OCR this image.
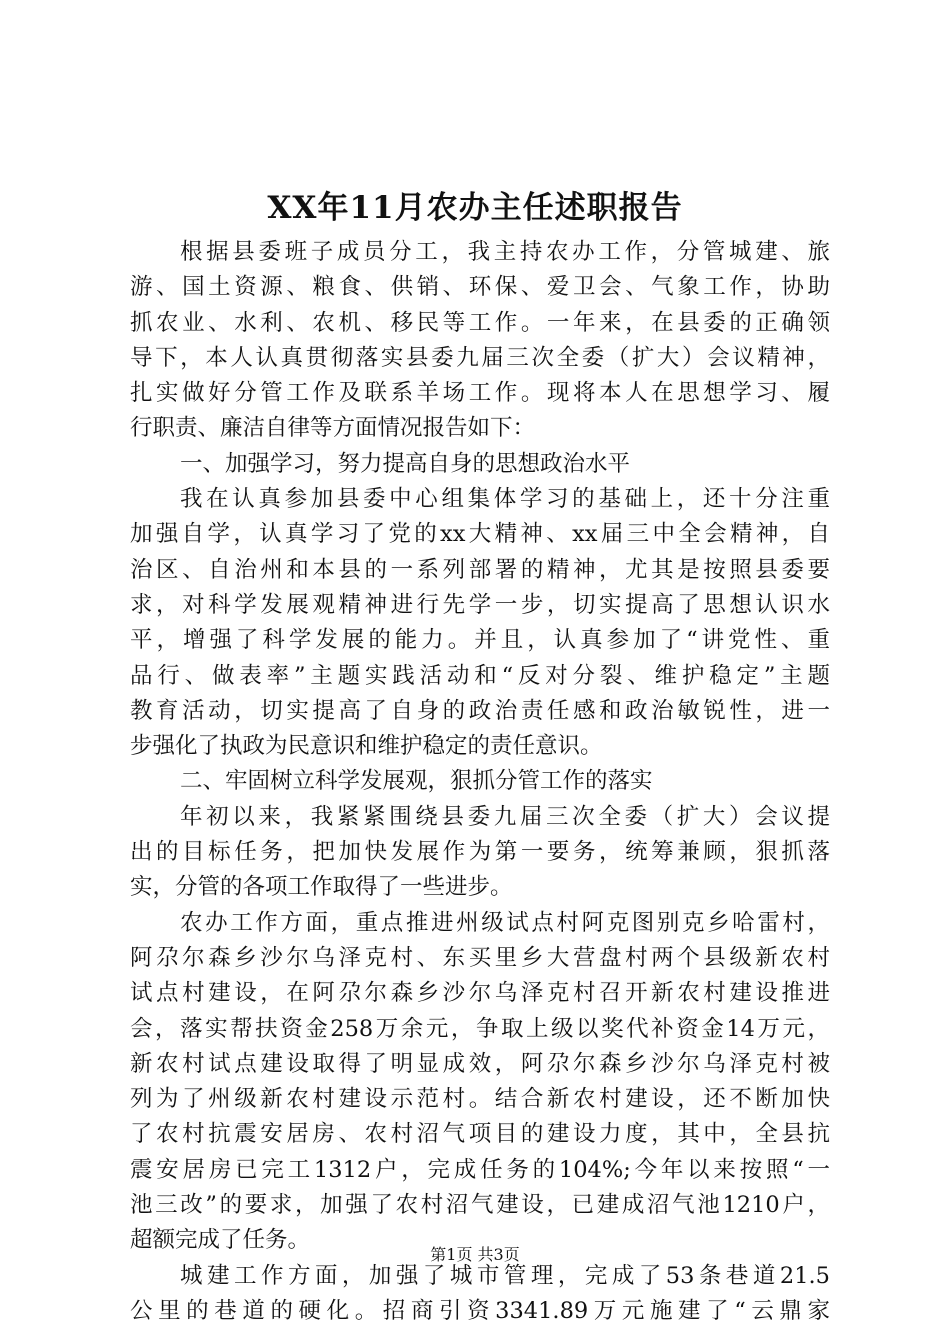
XX年11月农办主任述职报告
根据县委班子成员分工，我主持农办工作，分管城建、旅
游、国土资源、粮食、供销、环保、爱卫会、气象工作，协助
抓农业、水利、农机、移民等工作。一年来，在县委的正确领
导下，本人认真贯彻落实县委九届三次全委（扩大）会议精神，
扎实做好分管工作及联系羊场工作。现将本人在思想学习、履
行职责、廉洁自律等方面情况报告如下：
一、加强学习，努力提高自身的思想政治水平
我在认真参加县委中心组集体学习的基础上，还十分注重
加强自学，认真学习了党的xx大精神、xx届三中全会精神，自
治区、自治州和本县的一系列部署的精神，尤其是按照县委要
求，对科学发展观精神进行先学一步，切实提高了思想认识水
平，增强了科学发展的能力。并且，认真参加了“讲党性、重
品行、做表率”主题实践活动和“反对分裂、维护稳定”主题
教育活动，切实提高了自身的政治责任感和政治敏锐性，进一
步强化了执政为民意识和维护稳定的责任意识。
二、牢固树立科学发展观，狠抓分管工作的落实
年初以来，我紧紧围绕县委九届三次全委（扩大）会议提
出的目标任务，把加快发展作为第一要务，统筹兼顾，狠抓落
实，分管的各项工作取得了一些进步。
农办工作方面，重点推进州级试点村阿克图别克乡哈雷村，
阿尕尔森乡沙尔乌泽克村、东买里乡大营盘村两个县级新农村
试点村建设，在阿尕尔森乡沙尔乌泽克村召开新农村建设推进
会，落实帮扶资金258万余元，争取上级以奖代补资金14万元，
新农村试点建设取得了明显成效，阿尕尔森乡沙尔乌泽克村被
列为了州级新农村建设示范村。结合新农村建设，还不断加快
了农村抗震安居房、农村沼气项目的建设力度，其中，全县抗
震安居房已完工1312户，完成任务的104%;今年以来按照“一
池三改”的要求，加强了农村沼气建设，已建成沼气池1210户，
超额完成了任务。
城建工作方面，加强了城市管理，完成了53条巷道21.5
公里的巷道的硬化。招商引资3341.89万元施建了“云鼎家
第1页 共3页
